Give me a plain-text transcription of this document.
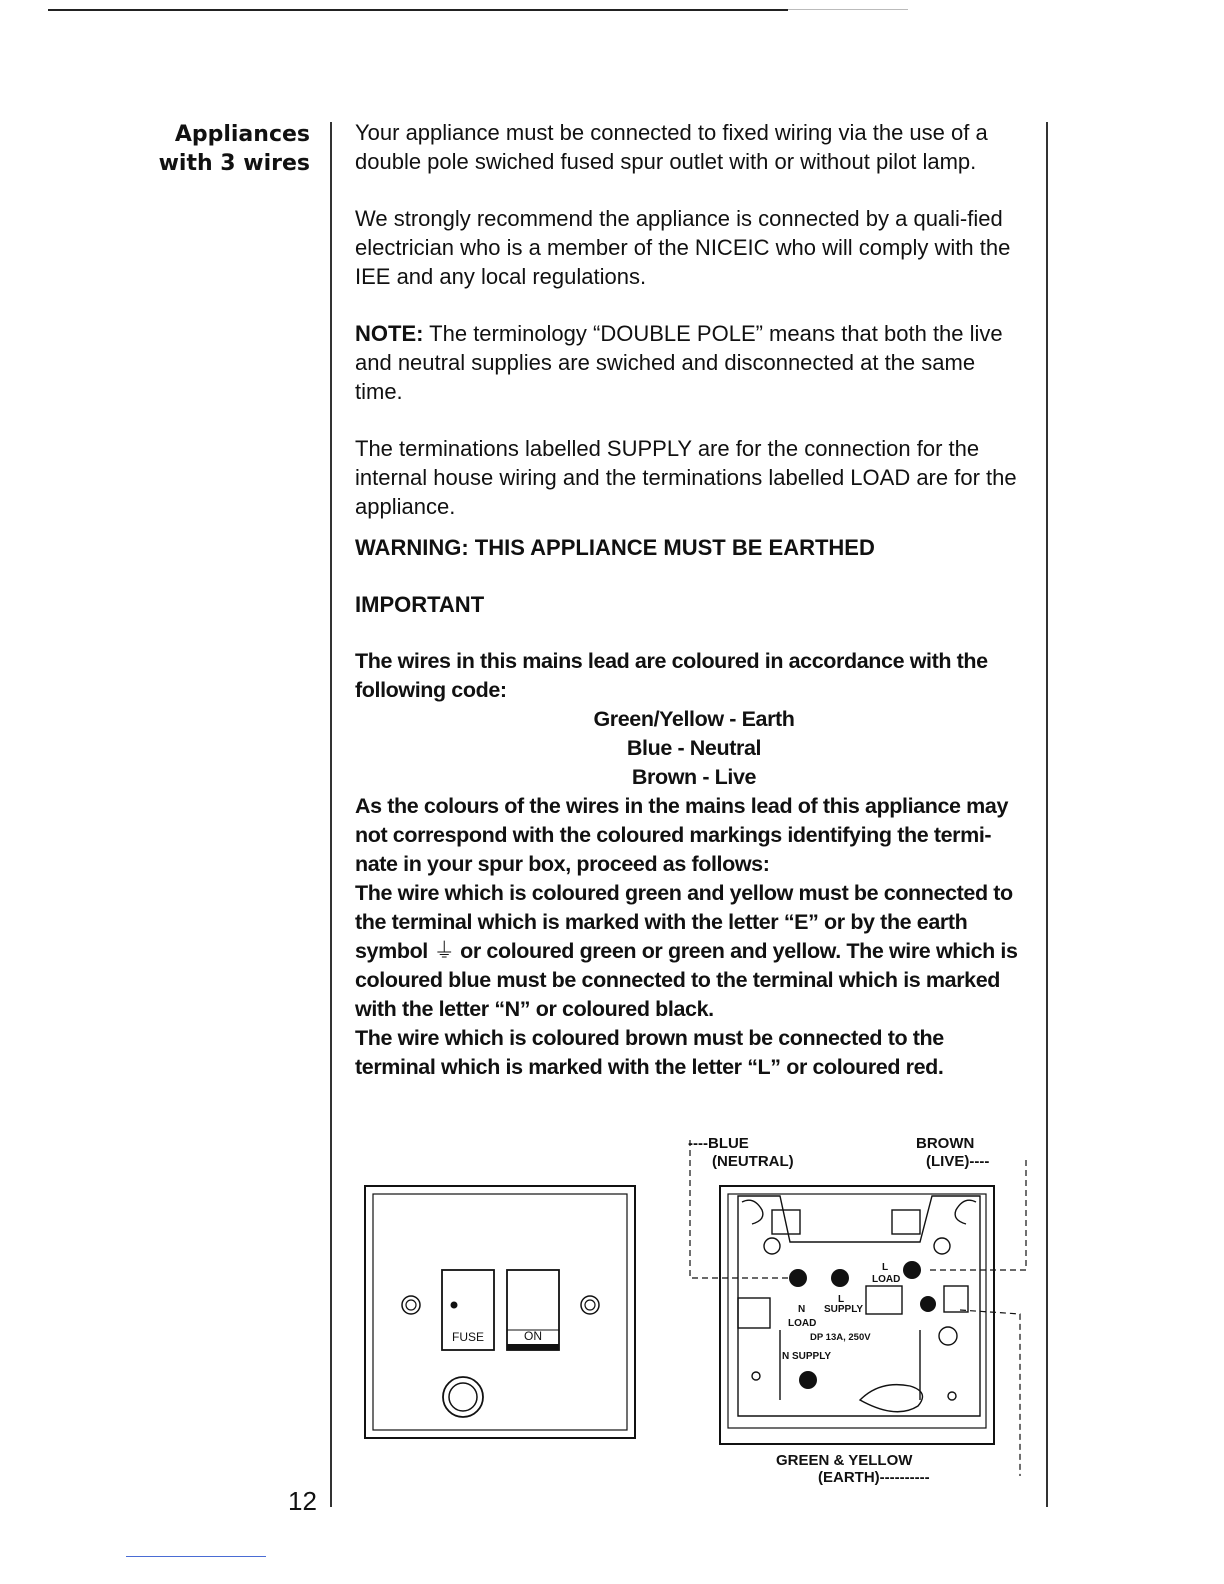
Appliances
with 3 wires

Your appliance must be connected to fixed wiring via the use of a double pole swiched fused spur outlet with or without pilot lamp.

We strongly recommend the appliance is connected by a quali-fied electrician who is a member of the NICEIC who will comply with the IEE and any local regulations.

NOTE: The terminology “DOUBLE POLE” means that both the live and neutral supplies are swiched and disconnected at the same time.

The terminations labelled SUPPLY are for the connection for the internal house wiring and the terminations labelled LOAD are for the appliance.

WARNING: THIS APPLIANCE MUST BE EARTHED
IMPORTANT
The wires in this mains lead are coloured in accordance with the following code:
Green/Yellow - Earth
Blue - Neutral
Brown - Live
As the colours of the wires in the mains lead of this appliance may not correspond with the coloured markings identifying the termi-nate in your spur box, proceed as follows:
The wire which is coloured green and yellow must be connected to the terminal which is marked with the letter “E” or by the earth symbol ⏚ or coloured green or green and yellow. The wire which is coloured blue must be connected to the terminal which is marked with the letter “N” or coloured black.
The wire which is coloured brown must be connected to the terminal which is marked with the letter “L” or coloured red.
FUSE	ON
----BLUE
(NEUTRAL)
BROWN
(LIVE)----
L
LOAD
L
N SUPPLY
LOAD
DP 13A, 250V
N SUPPLY
GREEN & YELLOW
(EARTH)----------
12
